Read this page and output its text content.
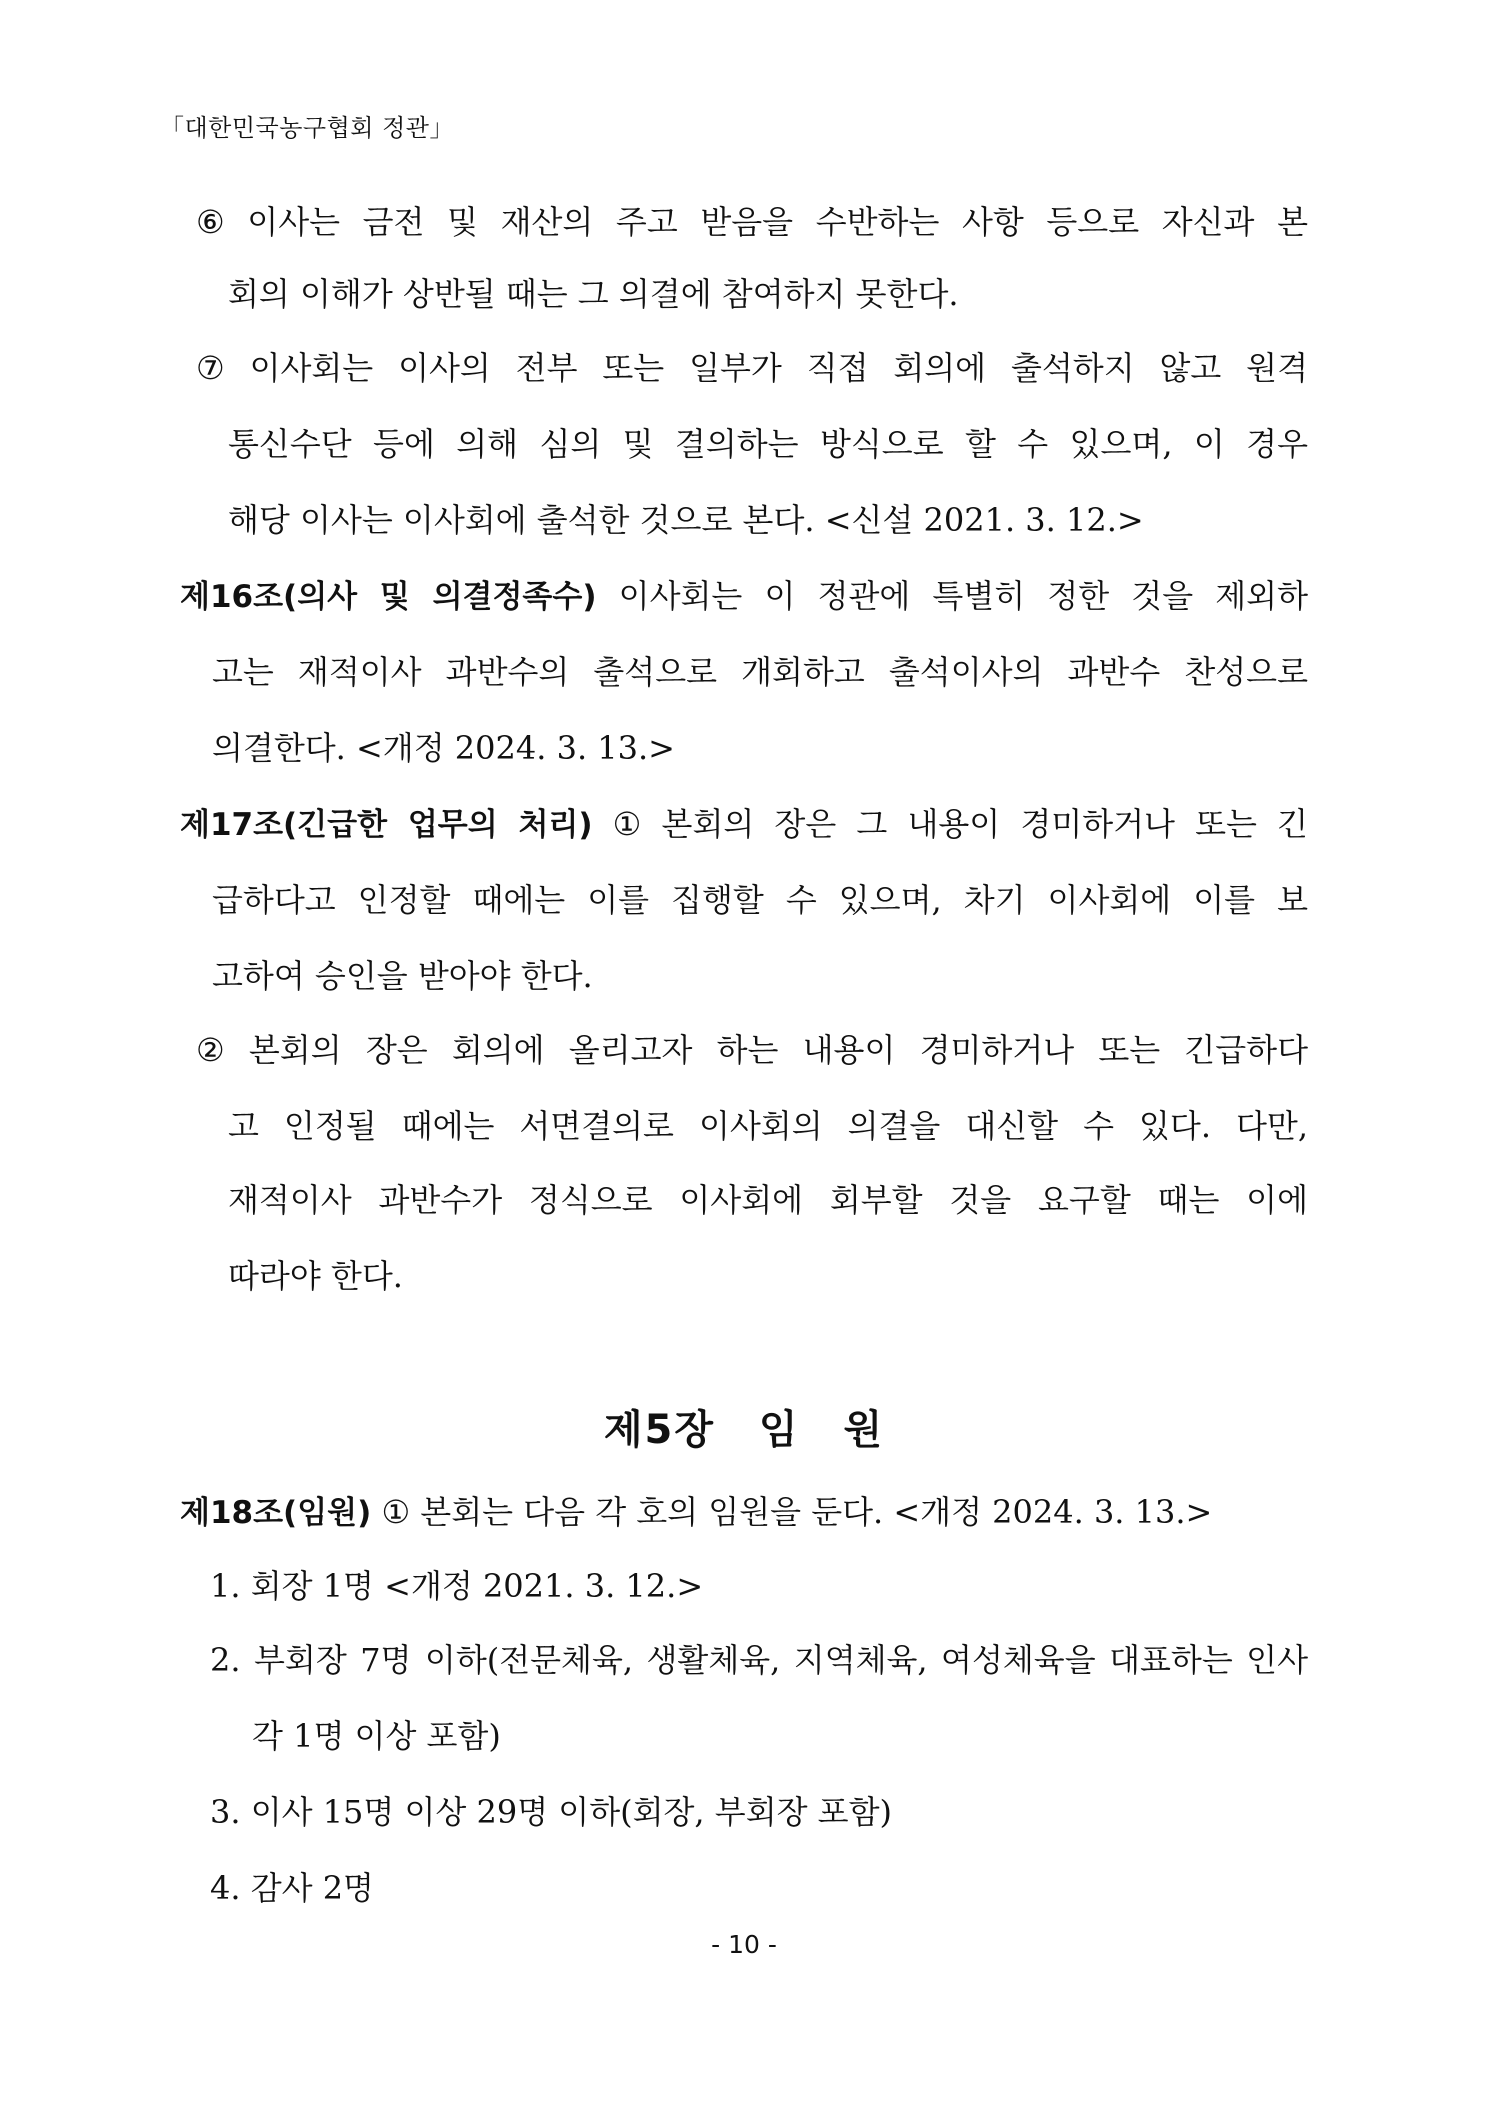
「대한민국농구협회 정관」
⑥ 이사는 금전 및 재산의 주고 받음을 수반하는 사항 등으로 자신과 본
회의 이해가 상반될 때는 그 의결에 참여하지 못한다.
⑦ 이사회는 이사의 전부 또는 일부가 직접 회의에 출석하지 않고 원격
통신수단 등에 의해 심의 및 결의하는 방식으로 할 수 있으며, 이 경우
해당 이사는 이사회에 출석한 것으로 본다. <신설 2021. 3. 12.>
제16조(의사 및 의결정족수) 이사회는 이 정관에 특별히 정한 것을 제외하
고는 재적이사 과반수의 출석으로 개회하고 출석이사의 과반수 찬성으로
의결한다. <개정 2024. 3. 13.>
제17조(긴급한 업무의 처리) ① 본회의 장은 그 내용이 경미하거나 또는 긴
급하다고 인정할 때에는 이를 집행할 수 있으며, 차기 이사회에 이를 보
고하여 승인을 받아야 한다.
② 본회의 장은 회의에 올리고자 하는 내용이 경미하거나 또는 긴급하다
고 인정될 때에는 서면결의로 이사회의 의결을 대신할 수 있다. 다만,
재적이사 과반수가 정식으로 이사회에 회부할 것을 요구할 때는 이에
따라야 한다.
제5장 임 원
제18조(임원) ① 본회는 다음 각 호의 임원을 둔다. <개정 2024. 3. 13.>
1. 회장 1명 <개정 2021. 3. 12.>
2. 부회장 7명 이하(전문체육, 생활체육, 지역체육, 여성체육을 대표하는 인사
각 1명 이상 포함)
3. 이사 15명 이상 29명 이하(회장, 부회장 포함)
4. 감사 2명
- 10 -
